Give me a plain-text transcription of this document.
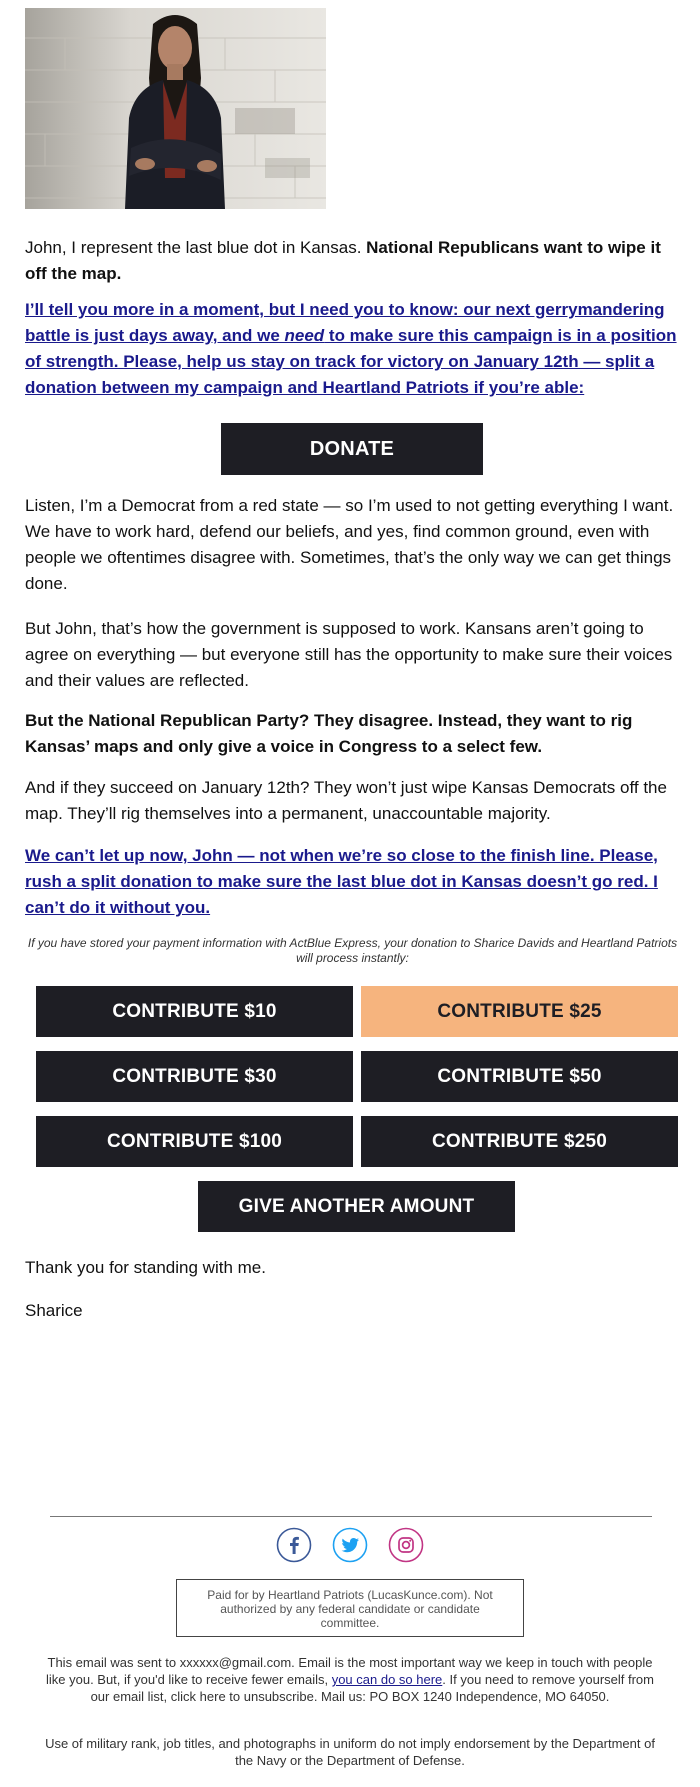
John, I represent the last blue dot in Kansas. National Republicans want to wipe it off the map.

I’ll tell you more in a moment, but I need you to know: our next gerrymandering battle is just days away, and we need to make sure this campaign is in a position of strength. Please, help us stay on track for victory on January 12th — split a donation between my campaign and Heartland Patriots if you’re able:

DONATE

Listen, I’m a Democrat from a red state — so I’m used to not getting everything I want. We have to work hard, defend our beliefs, and yes, find common ground, even with people we oftentimes disagree with. Sometimes, that’s the only way we can get things done.

But John, that’s how the government is supposed to work. Kansans aren’t going to agree on everything — but everyone still has the opportunity to make sure their voices and their values are reflected.

But the National Republican Party? They disagree. Instead, they want to rig Kansas’ maps and only give a voice in Congress to a select few.

And if they succeed on January 12th? They won’t just wipe Kansas Democrats off the map. They’ll rig themselves into a permanent, unaccountable majority.

We can’t let up now, John — not when we’re so close to the finish line. Please, rush a split donation to make sure the last blue dot in Kansas doesn’t go red. I can’t do it without you.

If you have stored your payment information with ActBlue Express, your donation to Sharice Davids and Heartland Patriots will process instantly:
CONTRIBUTE $10	CONTRIBUTE $25
CONTRIBUTE $30	CONTRIBUTE $50
CONTRIBUTE $100	CONTRIBUTE $250
GIVE ANOTHER AMOUNT

Thank you for standing with me.

Sharice

Paid for by Heartland Patriots (LucasKunce.com). Not authorized by any federal candidate or candidate committee.
This email was sent to xxxxxx@gmail.com. Email is the most important way we keep in touch with people like you. But, if you'd like to receive fewer emails, you can do so here. If you need to remove yourself from our email list, click here to unsubscribe. Mail us: PO BOX 1240 Independence, MO 64050.
Use of military rank, job titles, and photographs in uniform do not imply endorsement by the Department of the Navy or the Department of Defense.
